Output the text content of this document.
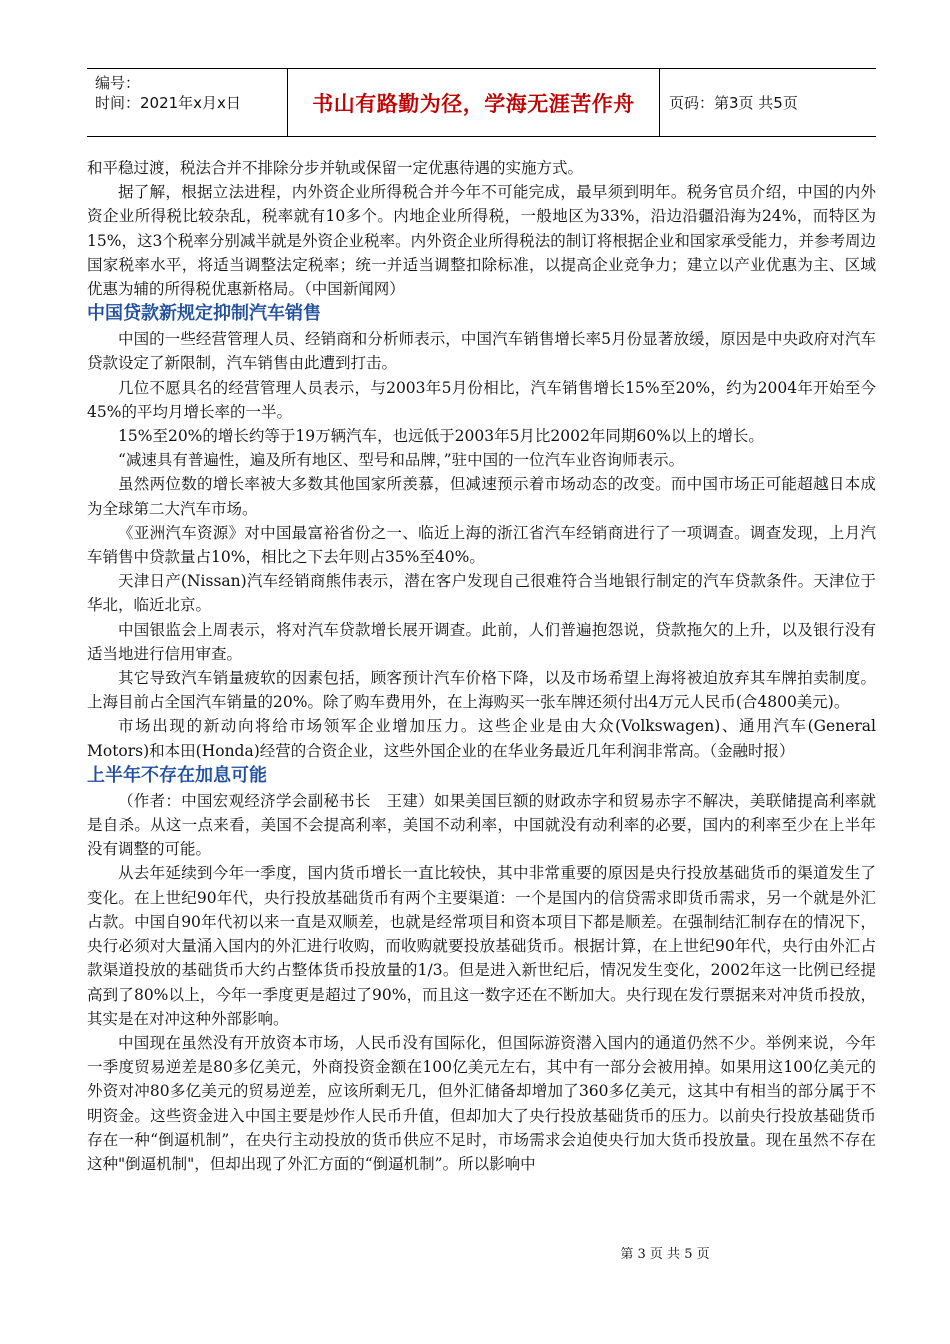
编号：
时间：2021年x月x日	书山有路勤为径，学海无涯苦作舟	页码：第3页 共5页

和平稳过渡，税法合并不排除分步并轨或保留一定优惠待遇的实施方式。

据了解，根据立法进程，内外资企业所得税合并今年不可能完成，最早须到明年。税务官员介绍，中国的内外资企业所得税比较杂乱，税率就有10多个。内地企业所得税，一般地区为33%，沿边沿疆沿海为24%，而特区为15%，这3个税率分别减半就是外资企业税率。内外资企业所得税法的制订将根据企业和国家承受能力，并参考周边国家税率水平，将适当调整法定税率；统一并适当调整扣除标准，以提高企业竞争力；建立以产业优惠为主、区域优惠为辅的所得税优惠新格局。（中国新闻网）

中国贷款新规定抑制汽车销售

中国的一些经营管理人员、经销商和分析师表示，中国汽车销售增长率5月份显著放缓，原因是中央政府对汽车贷款设定了新限制，汽车销售由此遭到打击。

几位不愿具名的经营管理人员表示，与2003年5月份相比，汽车销售增长15%至20%，约为2004年开始至今45%的平均月增长率的一半。

15%至20%的增长约等于19万辆汽车，也远低于2003年5月比2002年同期60%以上的增长。

“减速具有普遍性，遍及所有地区、型号和品牌，”驻中国的一位汽车业咨询师表示。

虽然两位数的增长率被大多数其他国家所羡慕，但减速预示着市场动态的改变。而中国市场正可能超越日本成为全球第二大汽车市场。

《亚洲汽车资源》对中国最富裕省份之一、临近上海的浙江省汽车经销商进行了一项调查。调查发现，上月汽车销售中贷款量占10%，相比之下去年则占35%至40%。

天津日产(Nissan)汽车经销商熊伟表示，潜在客户发现自己很难符合当地银行制定的汽车贷款条件。天津位于华北，临近北京。

中国银监会上周表示，将对汽车贷款增长展开调查。此前，人们普遍抱怨说，贷款拖欠的上升，以及银行没有适当地进行信用审查。

其它导致汽车销量疲软的因素包括，顾客预计汽车价格下降，以及市场希望上海将被迫放弃其车牌拍卖制度。上海目前占全国汽车销量的20%。除了购车费用外，在上海购买一张车牌还须付出4万元人民币(合4800美元)。

市场出现的新动向将给市场领军企业增加压力。这些企业是由大众(Volkswagen)、通用汽车(General Motors)和本田(Honda)经营的合资企业，这些外国企业的在华业务最近几年利润非常高。（金融时报）

上半年不存在加息可能

（作者：中国宏观经济学会副秘书长　王建）如果美国巨额的财政赤字和贸易赤字不解决，美联储提高利率就是自杀。从这一点来看，美国不会提高利率，美国不动利率，中国就没有动利率的必要，国内的利率至少在上半年没有调整的可能。

从去年延续到今年一季度，国内货币增长一直比较快，其中非常重要的原因是央行投放基础货币的渠道发生了变化。在上世纪90年代，央行投放基础货币有两个主要渠道：一个是国内的信贷需求即货币需求，另一个就是外汇占款。中国自90年代初以来一直是双顺差，也就是经常项目和资本项目下都是顺差。在强制结汇制存在的情况下，央行必须对大量涌入国内的外汇进行收购，而收购就要投放基础货币。根据计算，在上世纪90年代，央行由外汇占款渠道投放的基础货币大约占整体货币投放量的1/3。但是进入新世纪后，情况发生变化，2002年这一比例已经提高到了80%以上，今年一季度更是超过了90%，而且这一数字还在不断加大。央行现在发行票据来对冲货币投放，其实是在对冲这种外部影响。

中国现在虽然没有开放资本市场，人民币没有国际化，但国际游资潜入国内的通道仍然不少。举例来说，今年一季度贸易逆差是80多亿美元，外商投资金额在100亿美元左右，其中有一部分会被用掉。如果用这100亿美元的外资对冲80多亿美元的贸易逆差，应该所剩无几，但外汇储备却增加了360多亿美元，这其中有相当的部分属于不明资金。这些资金进入中国主要是炒作人民币升值，但却加大了央行投放基础货币的压力。以前央行投放基础货币存在一种“倒逼机制”，在央行主动投放的货币供应不足时，市场需求会迫使央行加大货币投放量。现在虽然不存在这种"倒逼机制"，但却出现了外汇方面的“倒逼机制”。所以影响中

第 3 页 共 5 页
